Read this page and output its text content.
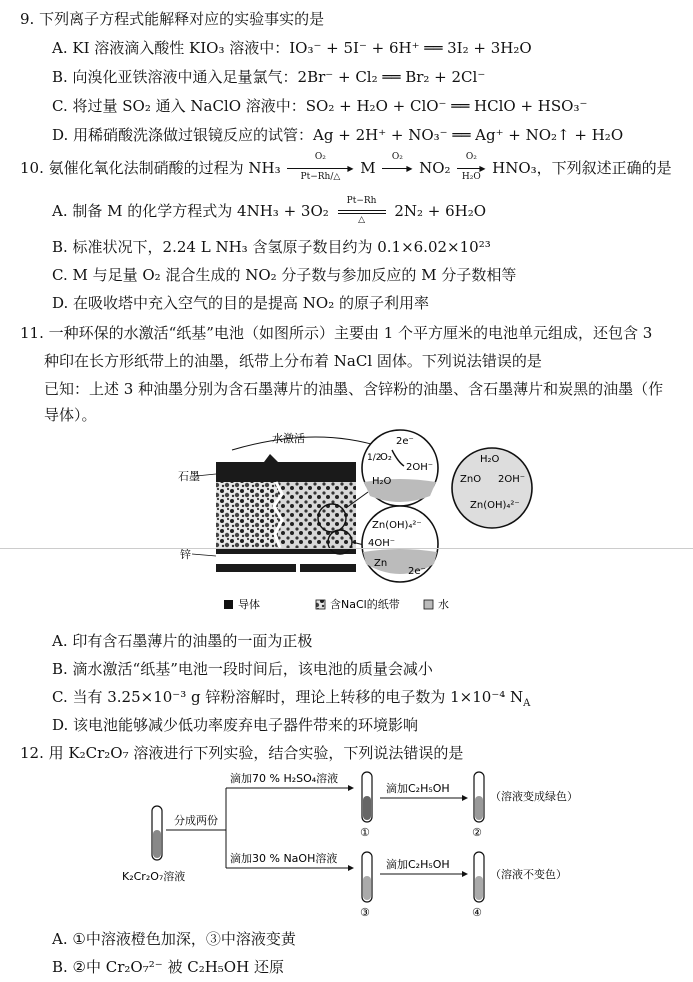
9. 下列离子方程式能解释对应的实验事实的是
A. KI 溶液滴入酸性 KIO₃ 溶液中：IO₃⁻ + 5I⁻ + 6H⁺ ══ 3I₂ + 3H₂O
B. 向溴化亚铁溶液中通入足量氯气：2Br⁻ + Cl₂ ══ Br₂ + 2Cl⁻
C. 将过量 SO₂ 通入 NaClO 溶液中：SO₂ + H₂O + ClO⁻ ══ HClO + HSO₃⁻
D. 用稀硝酸洗涤做过银镜反应的试管：Ag + 2H⁺ + NO₃⁻ ══ Ag⁺ + NO₂↑ + H₂O
10. 氨催化氧化法制硝酸的过程为 NH₃
O₂
▶
Pt−Rh/△	M
O₂
▶ NO₂
O₂
▶
H₂O HNO₃，下列叙述正确的是
A. 制备 M 的化学方程式为 4NH₃ + 3O₂
Pt−Rh
△	2N₂ + 6H₂O
B. 标准状况下，2.24 L NH₃ 含氢原子数目约为 0.1×6.02×10²³
C. M 与足量 O₂ 混合生成的 NO₂ 分子数与参加反应的 M 分子数相等
D. 在吸收塔中充入空气的目的是提高 NO₂ 的原子利用率
11. 一种环保的水激活“纸基”电池（如图所示）主要由 1 个平方厘米的电池单元组成，还包含 3
种印在长方形纸带上的油墨，纸带上分布着 NaCl 固体。下列说法错误的是
已知：上述 3 种油墨分别为含石墨薄片的油墨、含锌粉的油墨、含石墨薄片和炭黑的油墨（作
导体）。
水激活
石墨
锌
1/2
O₂
2e⁻
H₂O
2OH⁻
H₂O
ZnO 2OH⁻
Zn(OH)₄²⁻
Zn(OH)₄²⁻
4OH⁻
Zn
2e⁻
导体	含NaCl的纸带	水
A. 印有含石墨薄片的油墨的一面为正极
B. 滴水激活“纸基”电池一段时间后，该电池的质量会减小
C. 当有 3.25×10⁻³ g 锌粉溶解时，理论上转移的电子数为 1×10⁻⁴ $N_A$
D. 该电池能够减少低功率废弃电子器件带来的环境影响
12. 用 K₂Cr₂O₇ 溶液进行下列实验，结合实验，下列说法错误的是
K₂Cr₂O₇溶液
分成两份
滴加70 % H₂SO₄溶液
滴加30 % NaOH溶液
①
③
滴加C₂H₅OH
滴加C₂H₅OH
②
（溶液变成绿色）
④
（溶液不变色）
A. ①中溶液橙色加深，③中溶液变黄
B. ②中 Cr₂O₇²⁻ 被 C₂H₅OH 还原
